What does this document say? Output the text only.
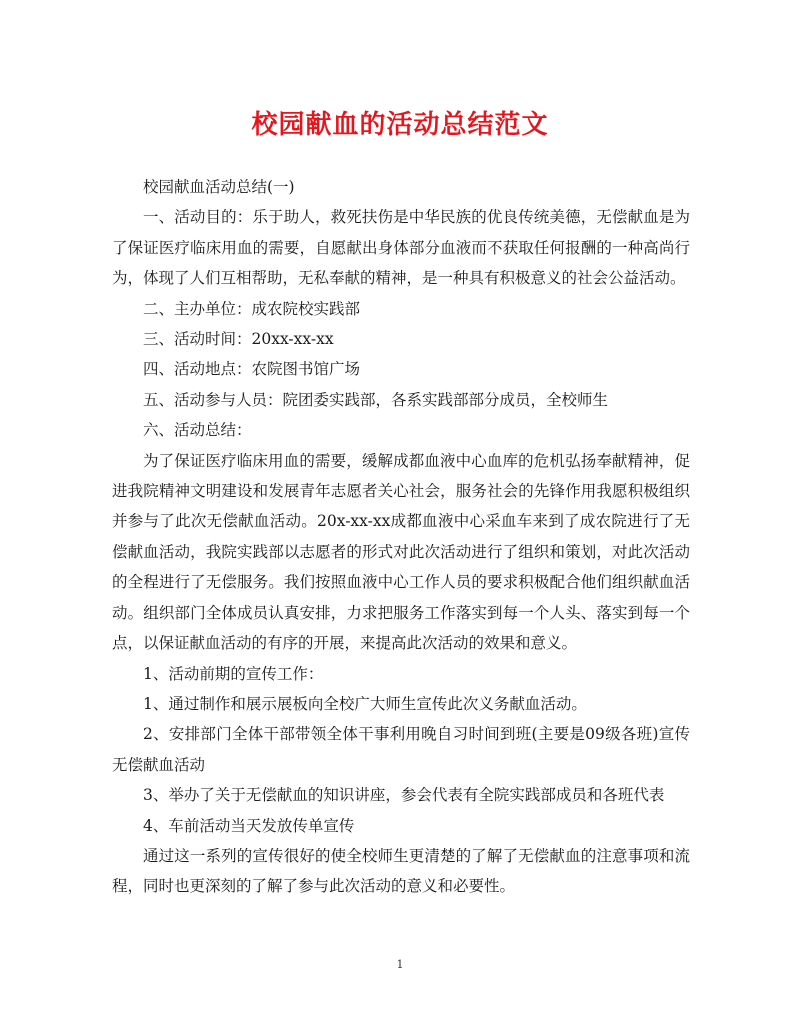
校园献血的活动总结范文

校园献血活动总结(一)

一、活动目的：乐于助人，救死扶伤是中华民族的优良传统美德，无偿献血是为了保证医疗临床用血的需要，自愿献出身体部分血液而不获取任何报酬的一种高尚行为，体现了人们互相帮助，无私奉献的精神，是一种具有积极意义的社会公益活动。

二、主办单位：成农院校实践部

三、活动时间：20xx-xx-xx

四、活动地点：农院图书馆广场

五、活动参与人员：院团委实践部，各系实践部部分成员，全校师生

六、活动总结：

为了保证医疗临床用血的需要，缓解成都血液中心血库的危机弘扬奉献精神，促进我院精神文明建设和发展青年志愿者关心社会，服务社会的先锋作用我愿积极组织并参与了此次无偿献血活动。20x-xx-xx成都血液中心采血车来到了成农院进行了无偿献血活动，我院实践部以志愿者的形式对此次活动进行了组织和策划，对此次活动的全程进行了无偿服务。我们按照血液中心工作人员的要求积极配合他们组织献血活动。组织部门全体成员认真安排，力求把服务工作落实到每一个人头、落实到每一个点，以保证献血活动的有序的开展，来提高此次活动的效果和意义。

1、活动前期的宣传工作：

1、通过制作和展示展板向全校广大师生宣传此次义务献血活动。

2、安排部门全体干部带领全体干事利用晚自习时间到班(主要是09级各班)宣传无偿献血活动

3、举办了关于无偿献血的知识讲座，参会代表有全院实践部成员和各班代表

4、车前活动当天发放传单宣传

通过这一系列的宣传很好的使全校师生更清楚的了解了无偿献血的注意事项和流程，同时也更深刻的了解了参与此次活动的意义和必要性。

1
